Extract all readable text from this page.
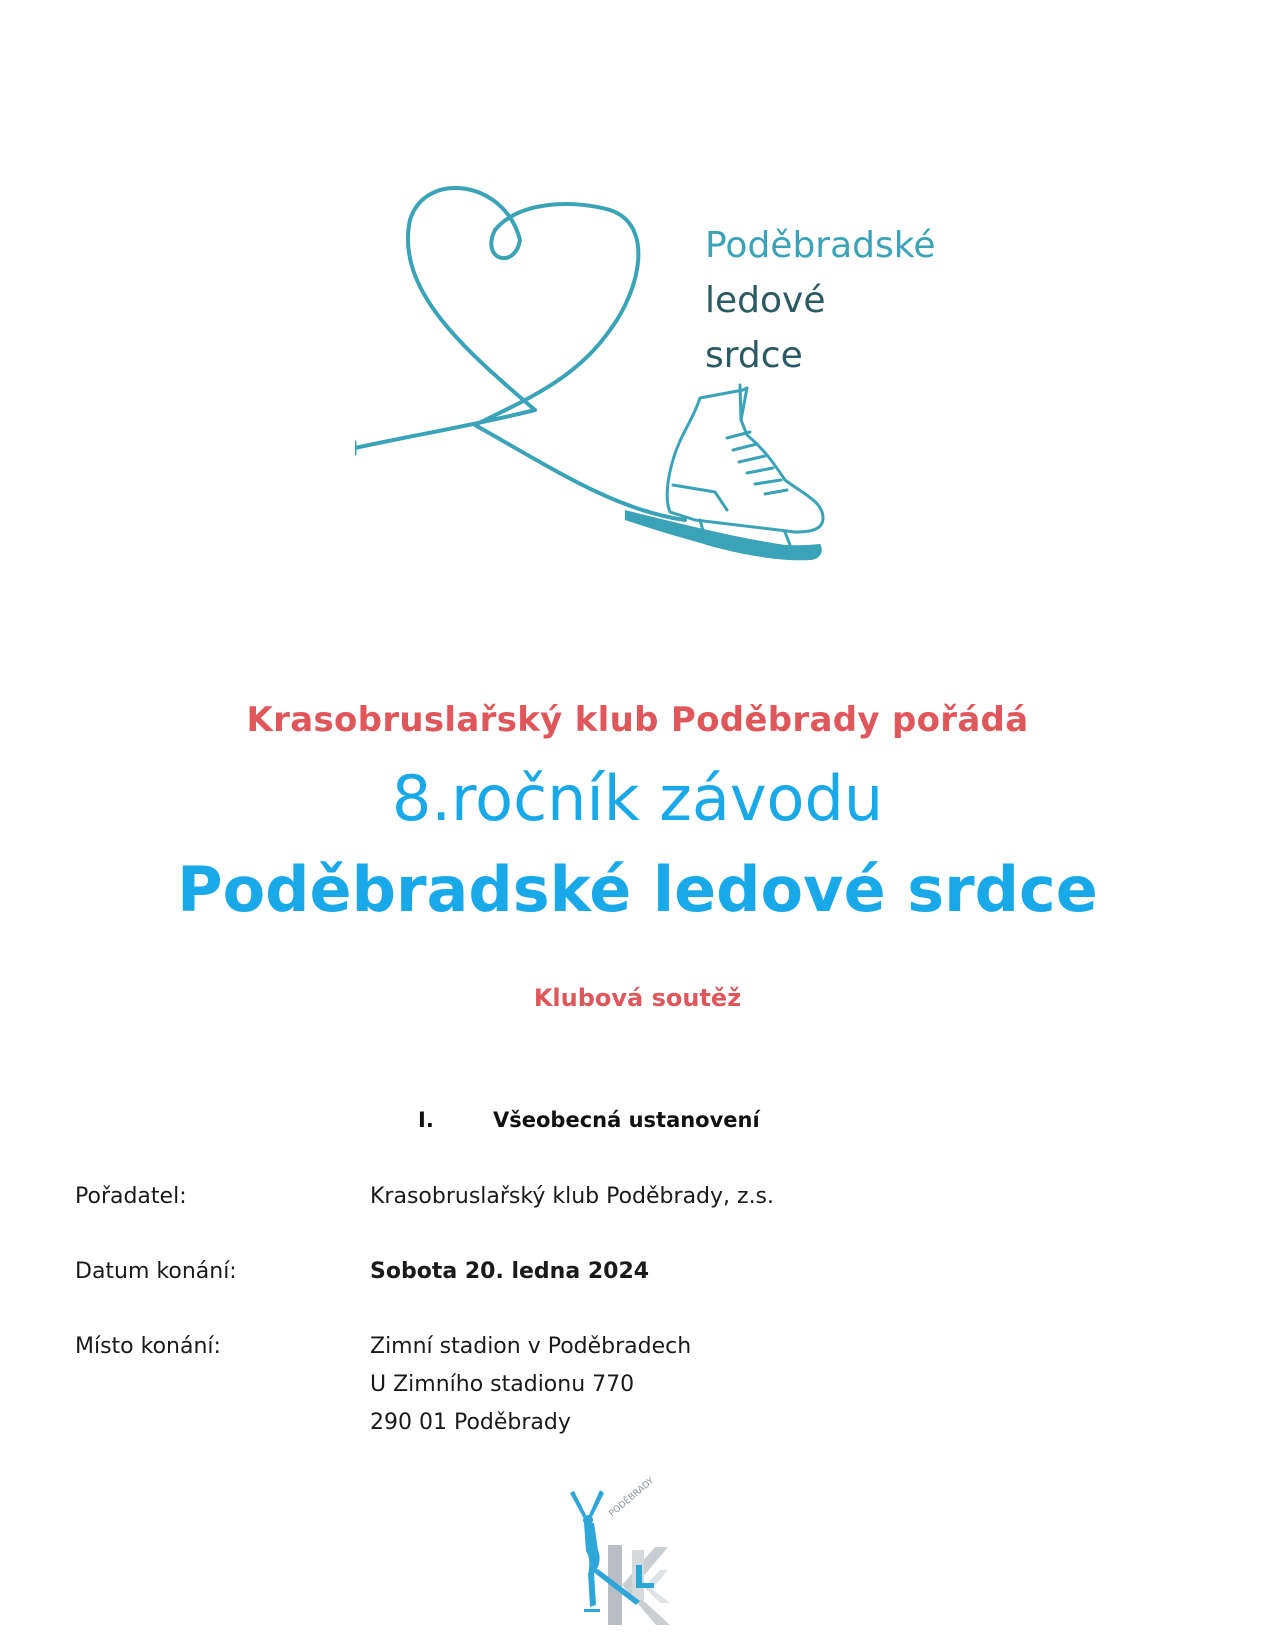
Poděbradské
ledové
srdce
Krasobruslařský klub Poděbrady pořádá
8.ročník závodu
Poděbradské ledové srdce
Klubová soutěž
I.	Všeobecná ustanovení
Pořadatel:	Krasobruslařský klub Poděbrady, z.s.
Datum konání:	Sobota 20. ledna 2024
Místo konání:	Zimní stadion v Poděbradech
U Zimního stadionu 770
290 01 Poděbrady
PODĚBRADY
